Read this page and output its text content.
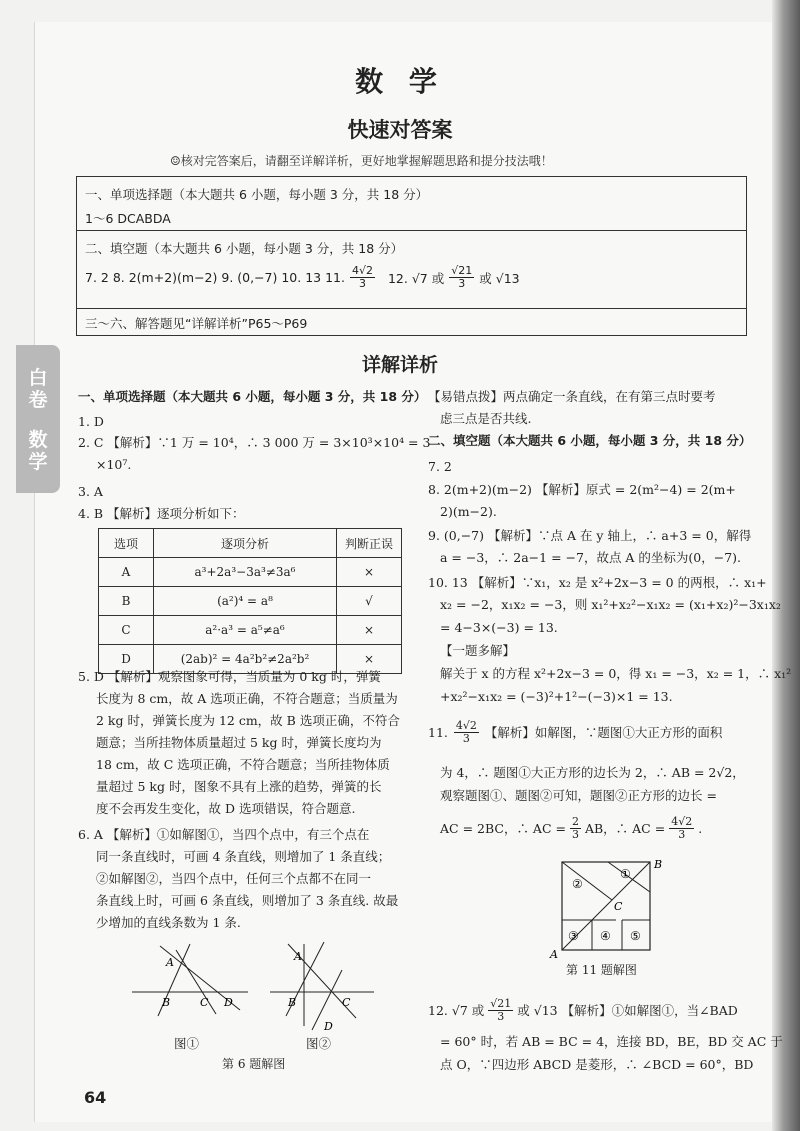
白卷
数学
数 学
快速对答案
☺核对完答案后，请翻至详解详析，更好地掌握解题思路和提分技法哦！
一、单项选择题（本大题共 6 小题，每小题 3 分，共 18 分）
1～6 DCABDA
二、填空题（本大题共 6 小题，每小题 3 分，共 18 分）
7. 2 8. 2(m+2)(m−2) 9. (0,−7) 10. 13 11. $\frac{4√2}{3} 12$. √7 或 $\frac{√21}{3}$ 或 √13
三～六、解答题见“详解详析”P65～P69
详解详析
一、单项选择题（本大题共 6 小题，每小题 3 分，共 18 分）
1. D
2. C 【解析】∵1 万 = 10⁴，∴ 3 000 万 = 3×10³×10⁴ = 3
×10⁷.
3. A
4. B 【解析】逐项分析如下：
选项	逐项分析	判断正误
A	a³+2a³−3a³≠3a⁶	×
B	(a²)⁴ = a⁸	√
C	a²·a³ = a⁵≠a⁶	×
D	(2ab)² = 4a²b²≠2a²b²	×
5. D 【解析】观察图象可得，当质量为 0 kg 时，弹簧
长度为 8 cm，故 A 选项正确，不符合题意；当质量为
2 kg 时，弹簧长度为 12 cm，故 B 选项正确，不符合
题意；当所挂物体质量超过 5 kg 时，弹簧长度均为
18 cm，故 C 选项正确，不符合题意；当所挂物体质
量超过 5 kg 时，图象不具有上涨的趋势，弹簧的长
度不会再发生变化，故 D 选项错误，符合题意.
6. A 【解析】①如解图①，当四个点中，有三个点在
同一条直线时，可画 4 条直线，则增加了 1 条直线；
②如解图②，当四个点中，任何三个点都不在同一
条直线上时，可画 6 条直线，则增加了 3 条直线. 故最
少增加的直线条数为 1 条.
A
B	C D
A
B	C
D
图①	图②
第 6 题解图
【易错点拨】两点确定一条直线，在有第三点时要考
虑三点是否共线.
二、填空题（本大题共 6 小题，每小题 3 分，共 18 分）
7. 2
8. 2(m+2)(m−2) 【解析】原式 = 2(m²−4) = 2(m+
2)(m−2).
9. (0,−7) 【解析】∵点 A 在 y 轴上，∴ a+3 = 0，解得
a = −3，∴ 2a−1 = −7，故点 A 的坐标为(0，−7).
10. 13 【解析】∵x₁，x₂ 是 x²+2x−3 = 0 的两根，∴ x₁+
x₂ = −2，x₁x₂ = −3，则 x₁²+x₂²−x₁x₂ = (x₁+x₂)²−3x₁x₂
= 4−3×(−3) = 13.
【一题多解】
解关于 x 的方程 x²+2x−3 = 0，得 x₁ = −3，x₂ = 1，∴ x₁²
+x₂²−x₁x₂ = (−3)²+1²−(−3)×1 = 13.
11. $\frac{4√2}{3}$ 【解析】如解图，∵题图①大正方形的面积
为 4，∴ 题图①大正方形的边长为 2，∴ AB = 2√2，
观察题图①、题图②可知，题图②正方形的边长 =
AC = 2BC，∴ AC = $\frac{2}{3}$ AB，∴ AC = $\frac{4√2}{3}$ .
B
A
C
②
①
③ ④ ⑤
第 11 题解图
12. √7 或 $\frac{√21}{3}$ 或 √13 【解析】①如解图①，当∠BAD
= 60° 时，若 AB = BC = 4，连接 BD，BE，BD 交 AC 于
点 O，∵四边形 ABCD 是菱形，∴ ∠BCD = 60°，BD
64
